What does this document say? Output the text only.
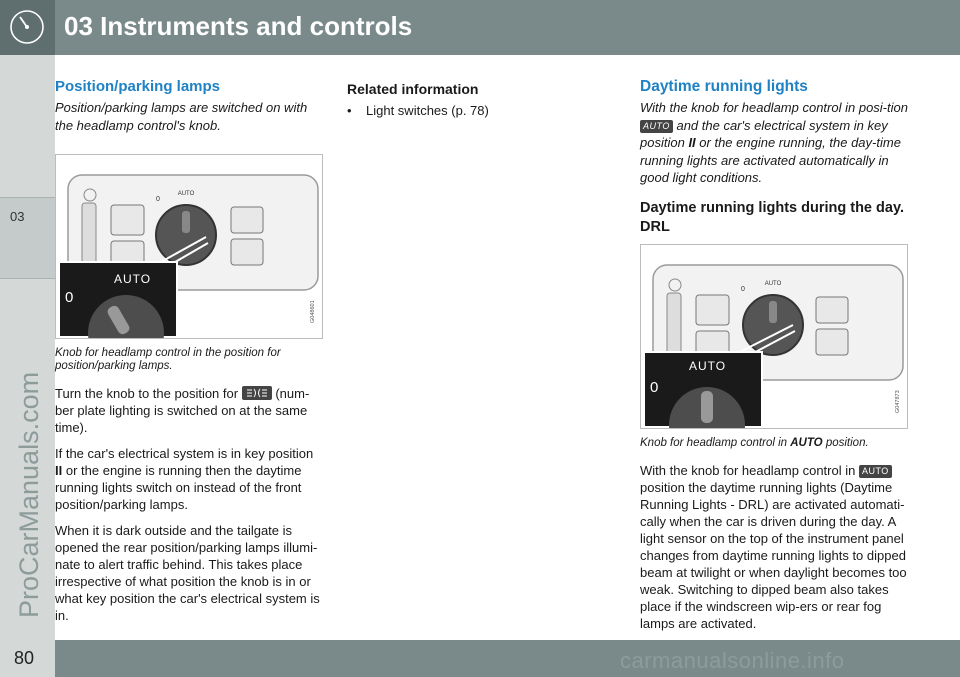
03 Instruments and controls
03
ProCarManuals.com
80	carmanualsonline.info
Position/parking lamps

Position/parking lamps are switched on with the headlamp control's knob.

AUTO
0
AUTO
0
G048601

Knob for headlamp control in the position for position/parking lamps.

Turn the knob to the position for	(num-ber plate lighting is switched on at the same time).

If the car's electrical system is in key position II or the engine is running then the daytime running lights switch on instead of the front position/parking lamps.

When it is dark outside and the tailgate is opened the rear position/parking lamps illumi-nate to alert traffic behind. This takes place irrespective of what position the knob is in or what key position the car's electrical system is in.

Related information
•	Light switches (p. 78)
Daytime running lights

With the knob for headlamp control in posi-tion AUTO and the car's electrical system in key position II or the engine running, the day-time running lights are activated automatically in good light conditions.

Daytime running lights during the day. DRL
AUTO
0
AUTO
0
G047873

Knob for headlamp control in AUTO position.

With the knob for headlamp control in AUTO position the daytime running lights (Daytime Running Lights - DRL) are activated automati-cally when the car is driven during the day. A light sensor on the top of the instrument panel changes from daytime running lights to dipped beam at twilight or when daylight becomes too weak. Switching to dipped beam also takes place if the windscreen wip-ers or rear fog lamps are activated.
